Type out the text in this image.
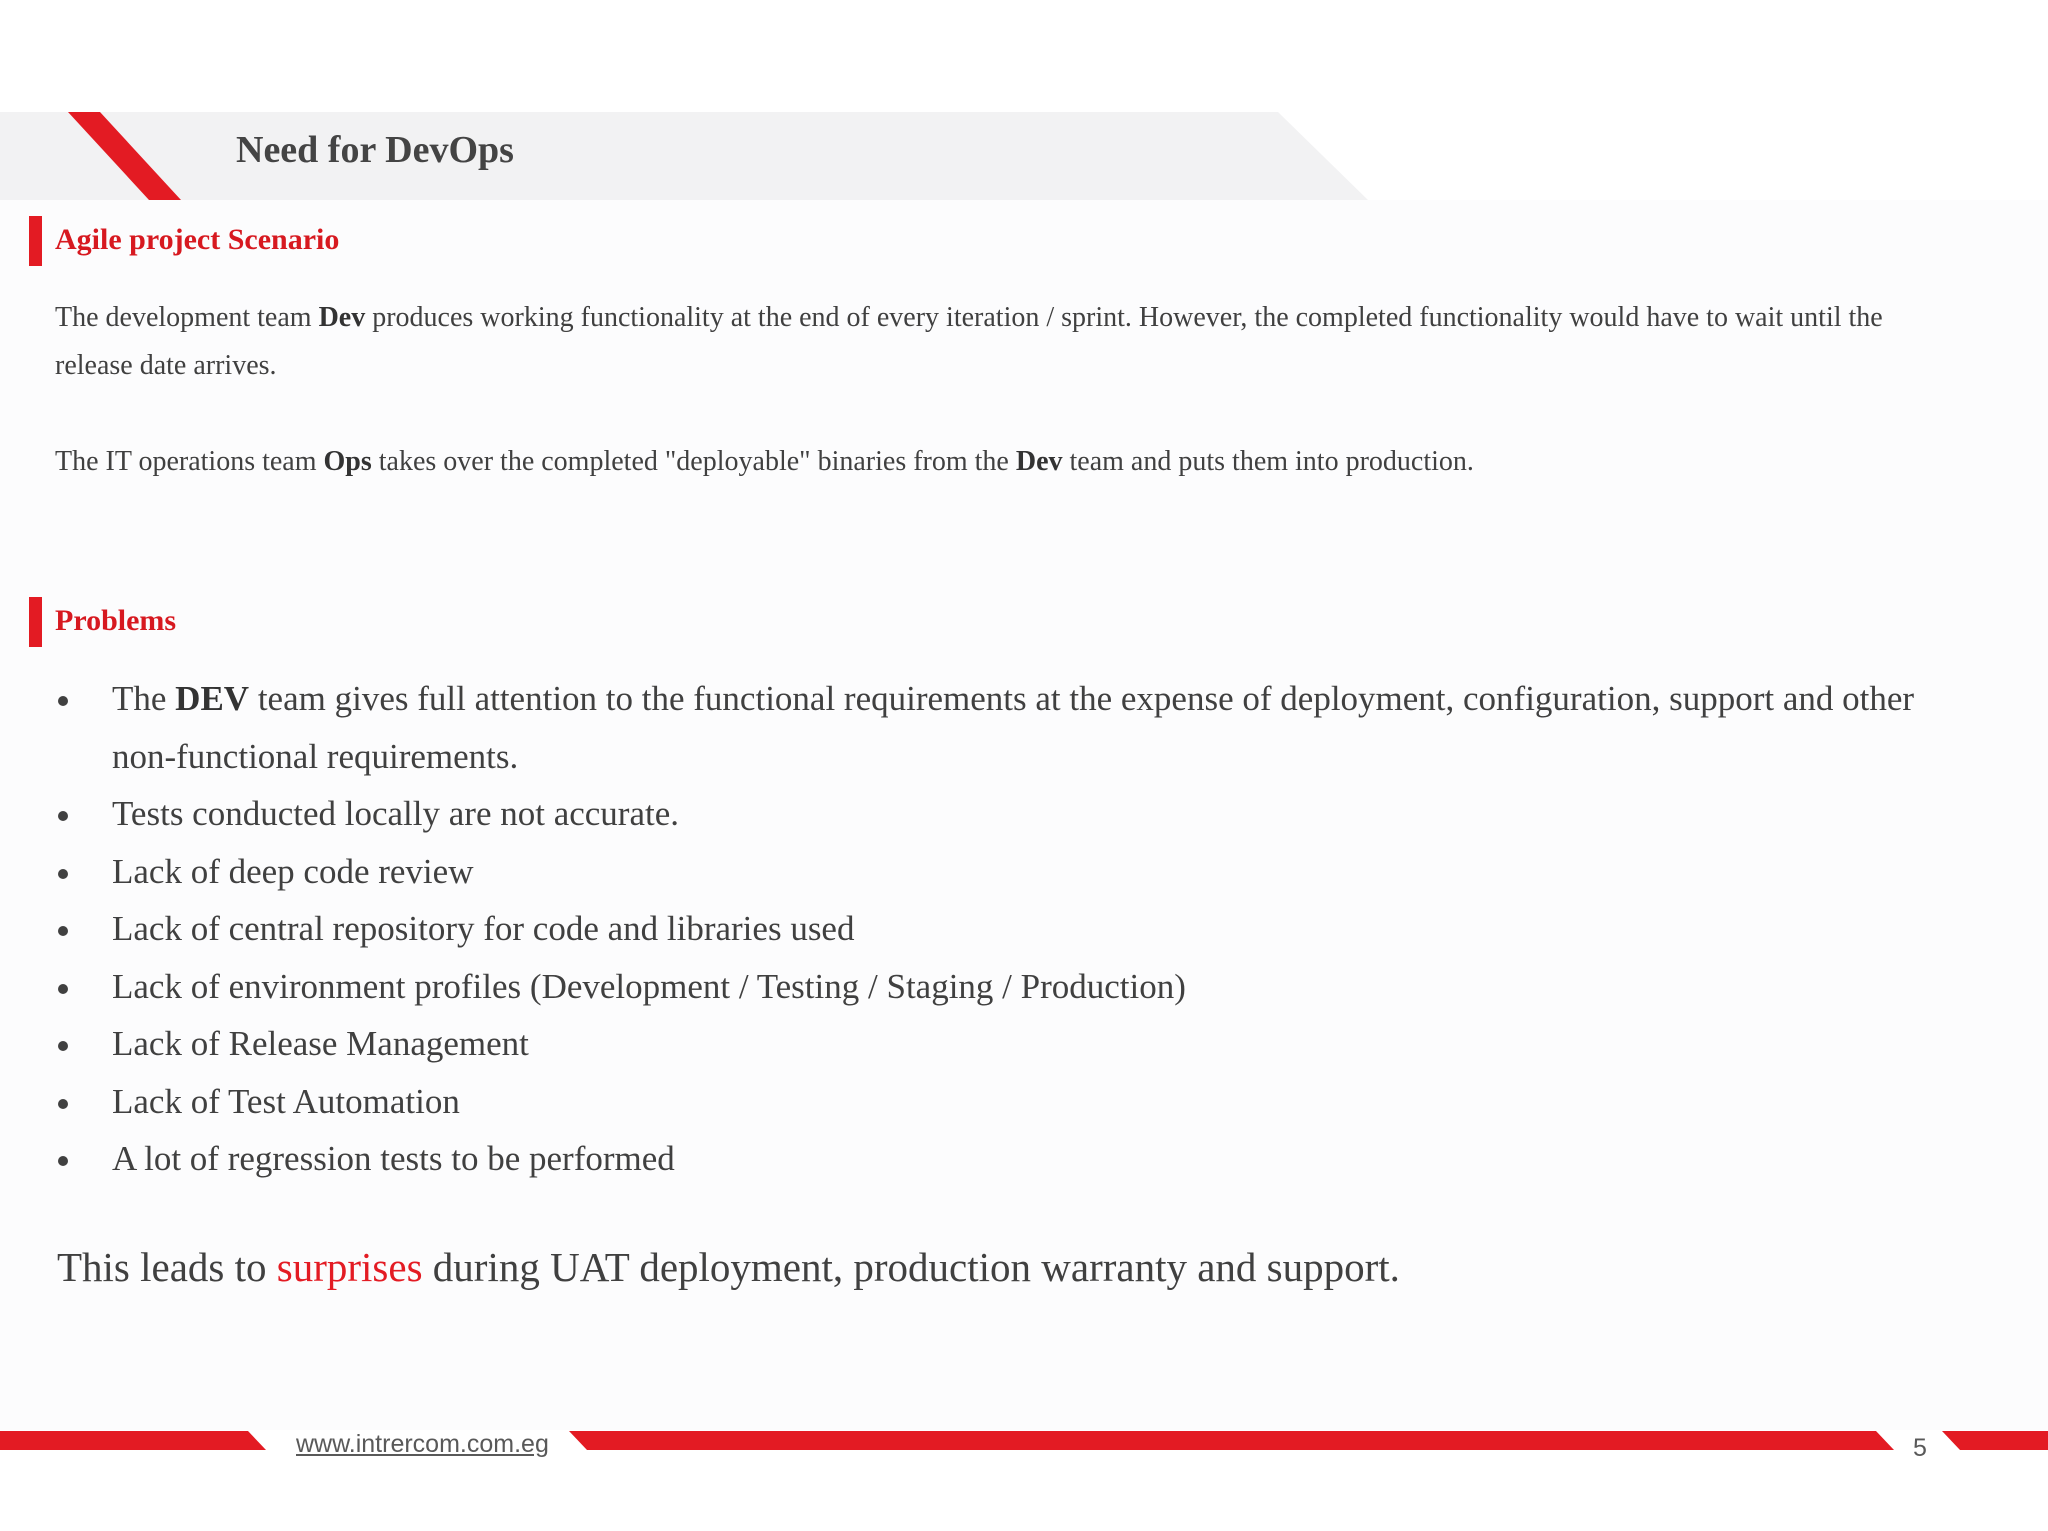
Need for DevOps
Agile project Scenario
The development team Dev produces working functionality at the end of every iteration / sprint. However, the completed functionality would have to wait until the release date arrives.
The IT operations team Ops takes over the completed "deployable" binaries from the Dev team and puts them into production.
Problems
The DEV team gives full attention to the functional requirements at the expense of deployment, configuration, support and other non-functional requirements.
Tests conducted locally are not accurate.
Lack of deep code review
Lack of central repository for code and libraries used
Lack of environment profiles (Development / Testing / Staging / Production)
Lack of Release Management
Lack of Test Automation
A lot of regression tests to be performed
This leads to surprises during UAT deployment, production warranty and support.
www.intrercom.com.eg	5
